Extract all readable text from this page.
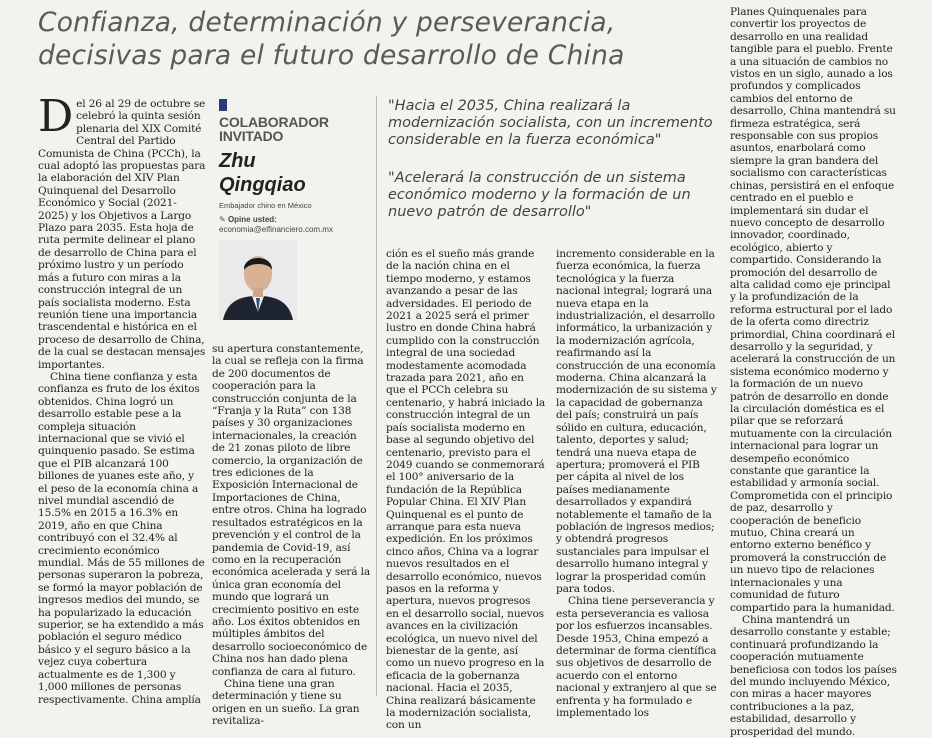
Confianza, determinación y perseverancia,
decisivas para el futuro desarrollo de China

Del 26 al 29 de octubre se celebró la quinta sesión plenaria del XIX Comité Central del Partido Comunista de China (PCCh), la cual adoptó las propuestas para la elaboración del XIV Plan Quinquenal del Desarrollo Económico y Social (2021-2025) y los Objetivos a Largo Plazo para 2035. Esta hoja de ruta permite delinear el plano de desarrollo de China para el próximo lustro y un período más a futuro con miras a la construcción integral de un país socialista moderno. Esta reunión tiene una importancia trascendental e histórica en el proceso de desarrollo de China, de la cual se destacan mensajes importantes.

China tiene confianza y esta confianza es fruto de los éxitos obtenidos. China logró un desarrollo estable pese a la compleja situación internacional que se vivió el quinquenio pasado. Se estima que el PIB alcanzará 100 billones de yuanes este año, y el peso de la economía china a nivel mundial ascendió de 15.5% en 2015 a 16.3% en 2019, año en que China contribuyó con el 32.4% al crecimiento económico mundial. Más de 55 millones de personas superaron la pobreza, se formó la mayor población de ingresos medios del mundo, se ha popularizado la educación superior, se ha extendido a más población el seguro médico básico y el seguro básico a la vejez cuya cobertura actualmente es de 1,300 y 1,000 millones de personas respectivamente. China amplía

COLABORADOR INVITADO
Zhu
Qingqiao
Embajador chino en México
✎ Opine usted:
economia@elfinanciero.com.mx

su apertura constantemente, la cual se refleja con la firma de 200 documentos de cooperación para la construcción conjunta de la “Franja y la Ruta” con 138 países y 30 organizaciones internacionales, la creación de 21 zonas piloto de libre comercio, la organización de tres ediciones de la Exposición Internacional de Importaciones de China, entre otros. China ha logrado resultados estratégicos en la prevención y el control de la pandemia de Covid-19, así como en la recuperación económica acelerada y será la única gran economía del mundo que logrará un crecimiento positivo en este año. Los éxitos obtenidos en múltiples ámbitos del desarrollo socioeconómico de China nos han dado plena confianza de cara al futuro.

China tiene una gran determinación y tiene su origen en un sueño. La gran revitaliza-

"Hacia el 2035, China realizará la modernización socialista, con un incremento considerable en la fuerza económica"
"Acelerará la construcción de un sistema económico moderno y la formación de un nuevo patrón de desarrollo"

ción es el sueño más grande de la nación china en el tiempo moderno, y estamos avanzando a pesar de las adversidades. El periodo de 2021 a 2025 será el primer lustro en donde China habrá cumplido con la construcción integral de una sociedad modestamente acomodada trazada para 2021, año en que el PCCh celebra su centenario, y habrá iniciado la construcción integral de un país socialista moderno en base al segundo objetivo del centenario, previsto para el 2049 cuando se conmemorará el 100° aniversario de la fundación de la República Popular China. El XIV Plan Quinquenal es el punto de arranque para esta nueva expedición. En los próximos cinco años, China va a lograr nuevos resultados en el desarrollo económico, nuevos pasos en la reforma y apertura, nuevos progresos en el desarrollo social, nuevos avances en la civilización ecológica, un nuevo nivel del bienestar de la gente, así como un nuevo progreso en la eficacia de la gobernanza nacional. Hacia el 2035, China realizará básicamente la modernización socialista, con un

incremento considerable en la fuerza económica, la fuerza tecnológica y la fuerza nacional integral; logrará una nueva etapa en la industrialización, el desarrollo informático, la urbanización y la modernización agrícola, reafirmando así la construcción de una economía moderna. China alcanzará la modernización de su sistema y la capacidad de gobernanza del país; construirá un país sólido en cultura, educación, talento, deportes y salud; tendrá una nueva etapa de apertura; promoverá el PIB per cápita al nivel de los países medianamente desarrollados y expandirá notablemente el tamaño de la población de ingresos medios; y obtendrá progresos sustanciales para impulsar el desarrollo humano integral y lograr la prosperidad común para todos.

China tiene perseverancia y esta perseverancia es valiosa por los esfuerzos incansables. Desde 1953, China empezó a determinar de forma científica sus objetivos de desarrollo de acuerdo con el entorno nacional y extranjero al que se enfrenta y ha formulado e implementado los

Planes Quinquenales para convertir los proyectos de desarrollo en una realidad tangible para el pueblo. Frente a una situación de cambios no vistos en un siglo, aunado a los profundos y complicados cambios del entorno de desarrollo, China mantendrá su firmeza estratégica, será responsable con sus propios asuntos, enarbolará como siempre la gran bandera del socialismo con características chinas, persistirá en el enfoque centrado en el pueblo e implementará sin dudar el nuevo concepto de desarrollo innovador, coordinado, ecológico, abierto y compartido. Considerando la promoción del desarrollo de alta calidad como eje principal y la profundización de la reforma estructural por el lado de la oferta como directriz primordial, China coordinará el desarrollo y la seguridad, y acelerará la construcción de un sistema económico moderno y la formación de un nuevo patrón de desarrollo en donde la circulación doméstica es el pilar que se reforzará mutuamente con la circulación internacional para lograr un desempeño económico constante que garantice la estabilidad y armonía social. Comprometida con el principio de paz, desarrollo y cooperación de beneficio mutuo, China creará un entorno externo benéfico y promoverá la construcción de un nuevo tipo de relaciones internacionales y una comunidad de futuro compartido para la humanidad.

China mantendrá un desarrollo constante y estable; continuará profundizando la cooperación mutuamente beneficiosa con todos los países del mundo incluyendo México, con miras a hacer mayores contribuciones a la paz, estabilidad, desarrollo y prosperidad del mundo.
